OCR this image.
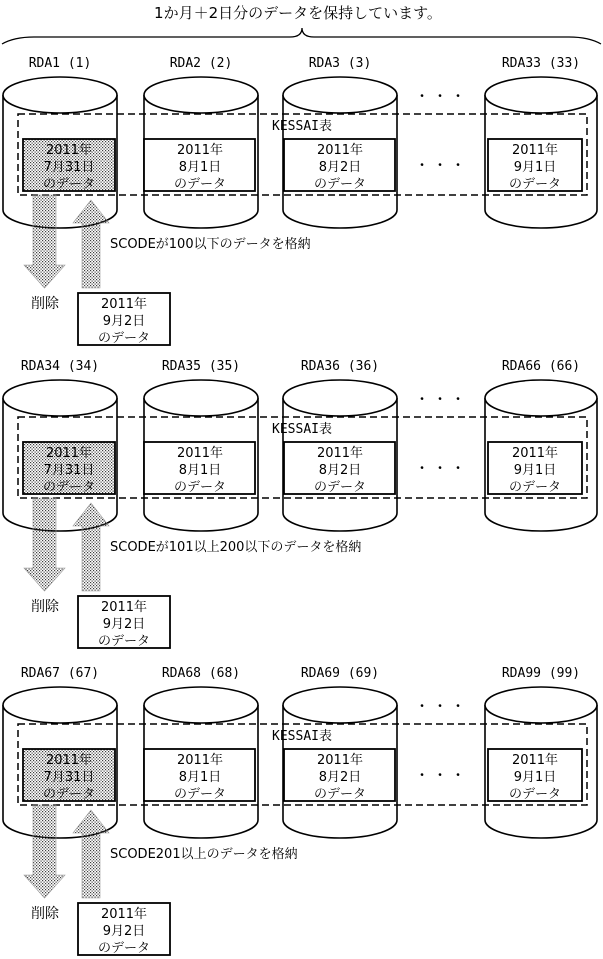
1か月＋2日分のデータを保持しています。
RDA1 (1)	RDA2 (2)	RDA3 (3)	RDA33 (33)
・・・
KESSAI表
2011年
7月31日
のデータ
2011年
8月1日
のデータ
2011年
8月2日
のデータ
・・・
2011年
9月1日
のデータ
SCODEが100以下のデータを格納
削除	2011年
9月2日
のデータ
RDA34 (34)	RDA35 (35)	RDA36 (36)	RDA66 (66)
・・・
KESSAI表
2011年
7月31日
のデータ
2011年
8月1日
のデータ
2011年
8月2日
のデータ
・・・
2011年
9月1日
のデータ
SCODEが101以上200以下のデータを格納
削除	2011年
9月2日
のデータ
RDA67 (67)	RDA68 (68)	RDA69 (69)	RDA99 (99)
・・・
KESSAI表
2011年
7月31日
のデータ
2011年
8月1日
のデータ
2011年
8月2日
のデータ
・・・
2011年
9月1日
のデータ
SCODE201以上のデータを格納
削除	2011年
9月2日
のデータ
